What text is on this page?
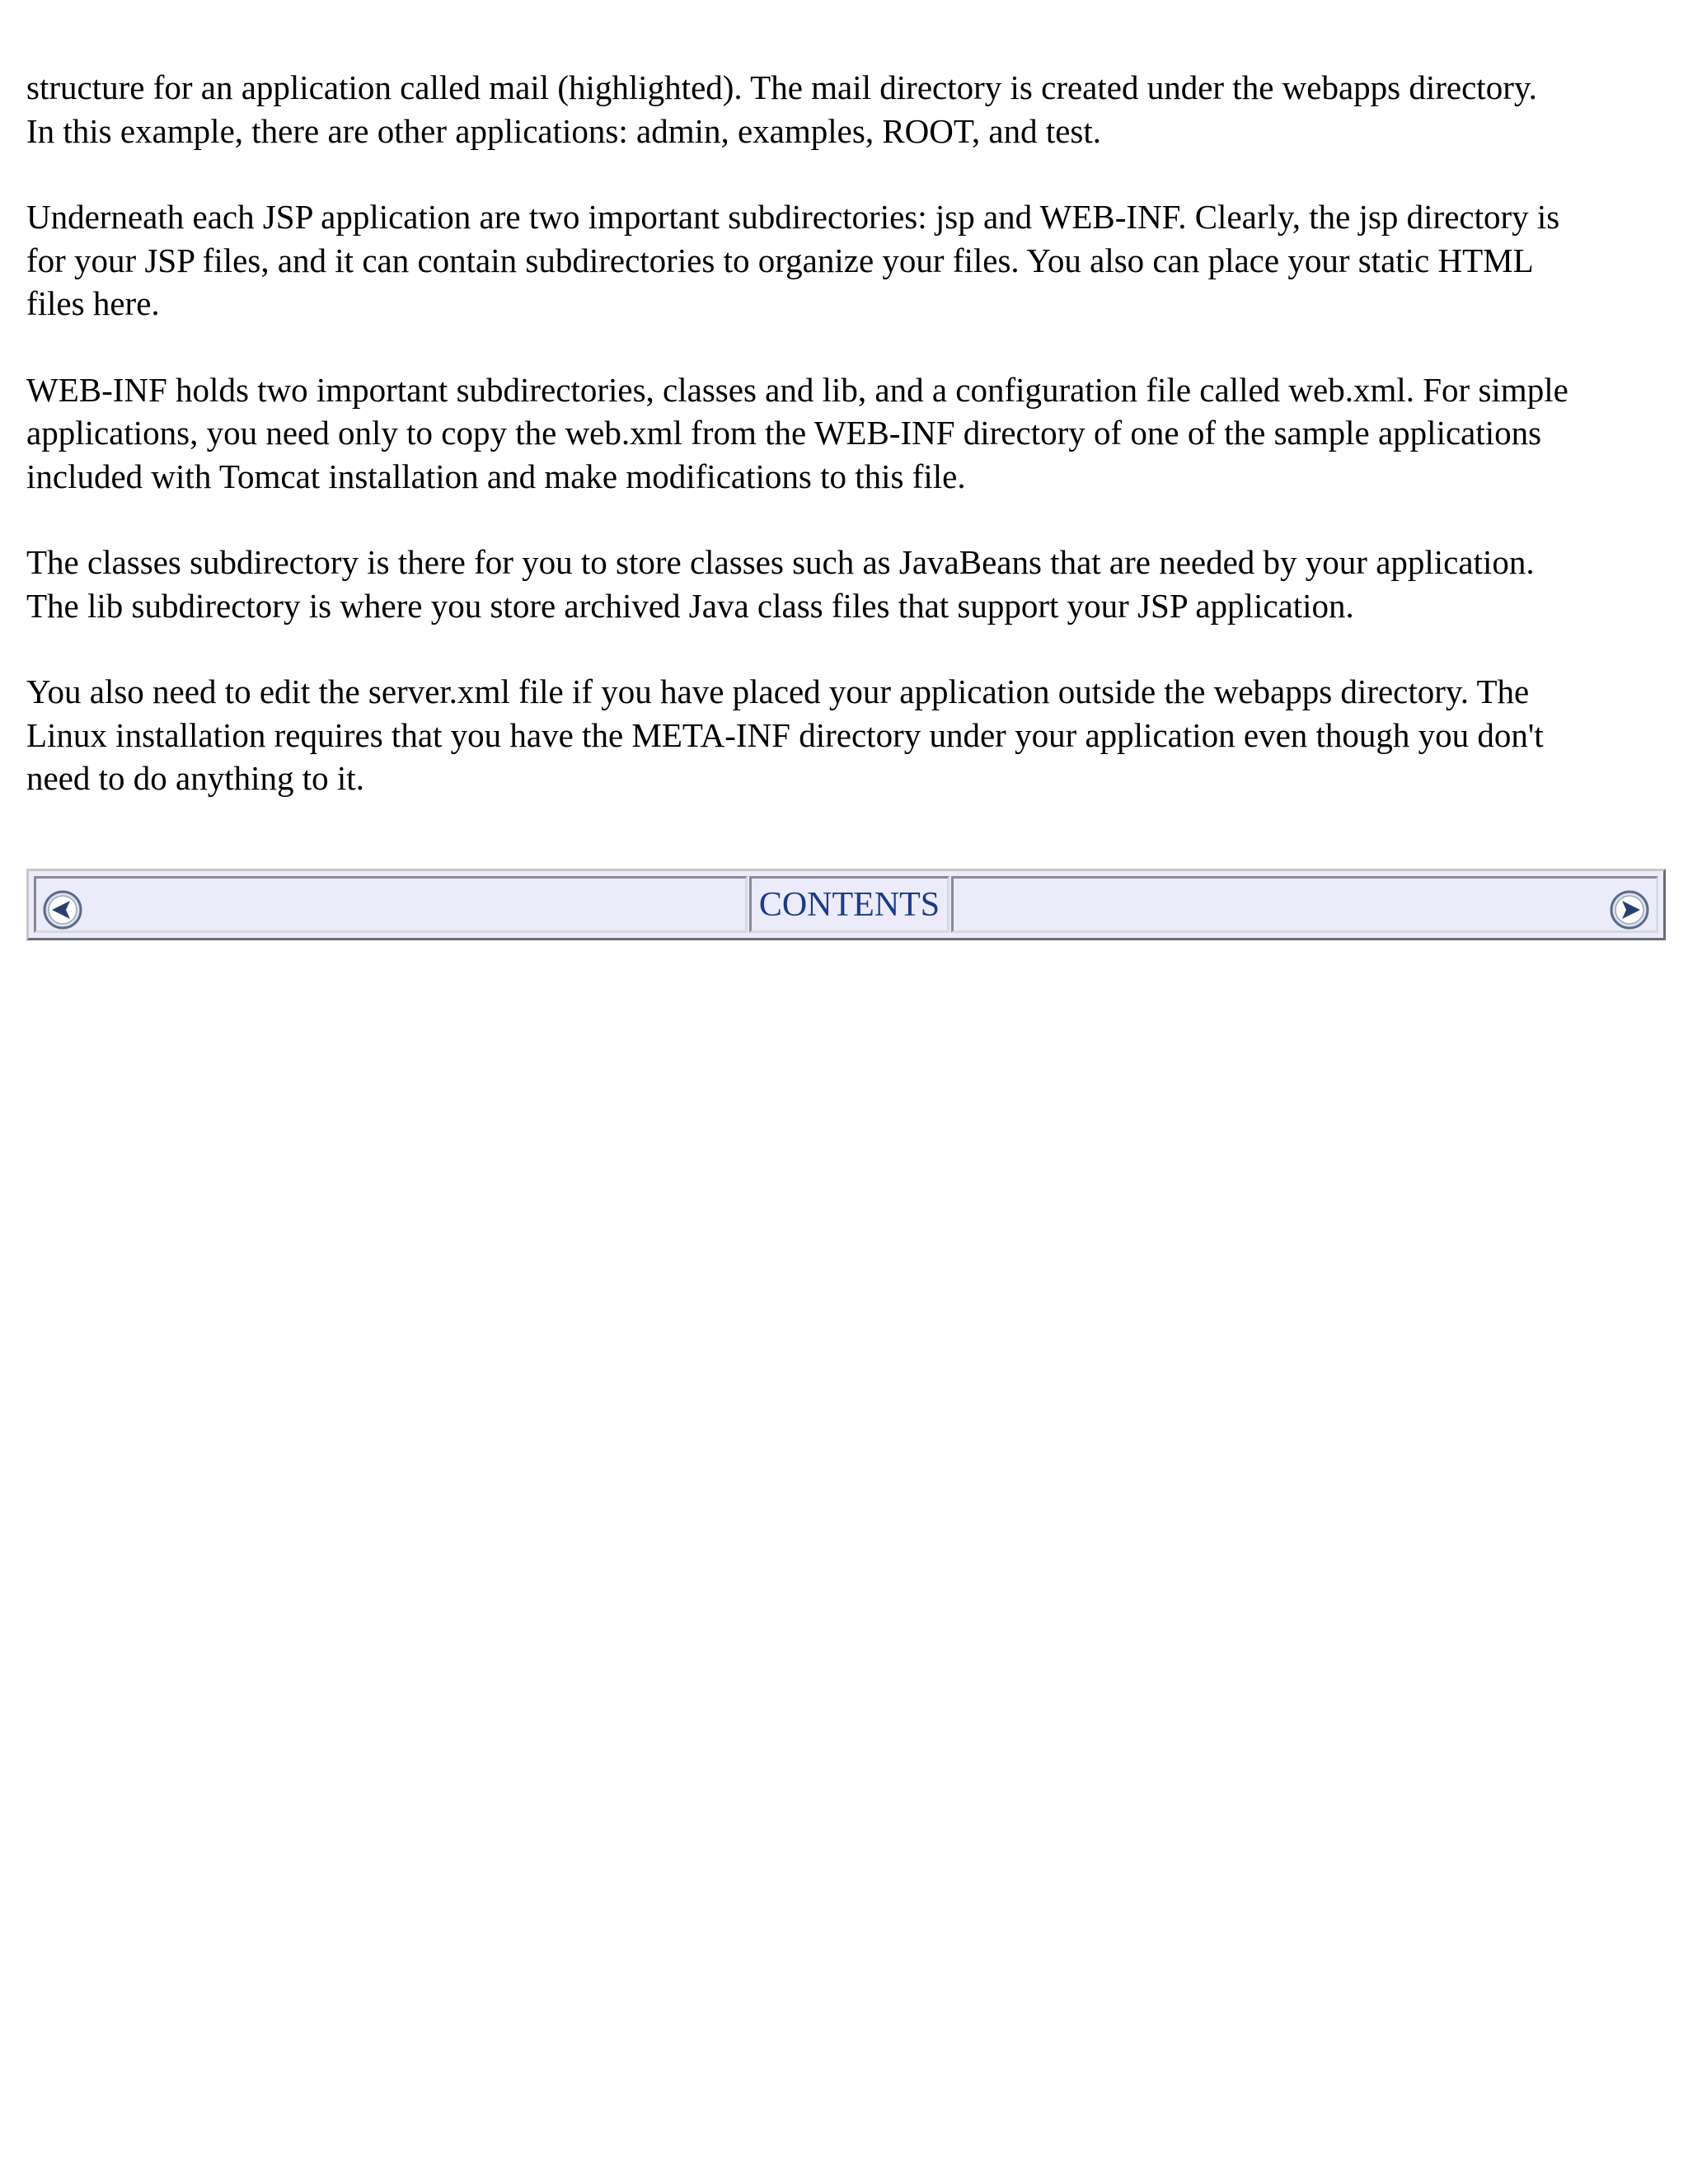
structure for an application called mail (highlighted). The mail directory is created under the webapps directory.
In this example, there are other applications: admin, examples, ROOT, and test.

Underneath each JSP application are two important subdirectories: jsp and WEB-INF. Clearly, the jsp directory is
for your JSP files, and it can contain subdirectories to organize your files. You also can place your static HTML
files here.

WEB-INF holds two important subdirectories, classes and lib, and a configuration file called web.xml. For simple
applications, you need only to copy the web.xml from the WEB-INF directory of one of the sample applications
included with Tomcat installation and make modifications to this file.

The classes subdirectory is there for you to store classes such as JavaBeans that are needed by your application.
The lib subdirectory is where you store archived Java class files that support your JSP application.

You also need to edit the server.xml file if you have placed your application outside the webapps directory. The
Linux installation requires that you have the META-INF directory under your application even though you don't
need to do anything to it.

CONTENTS
